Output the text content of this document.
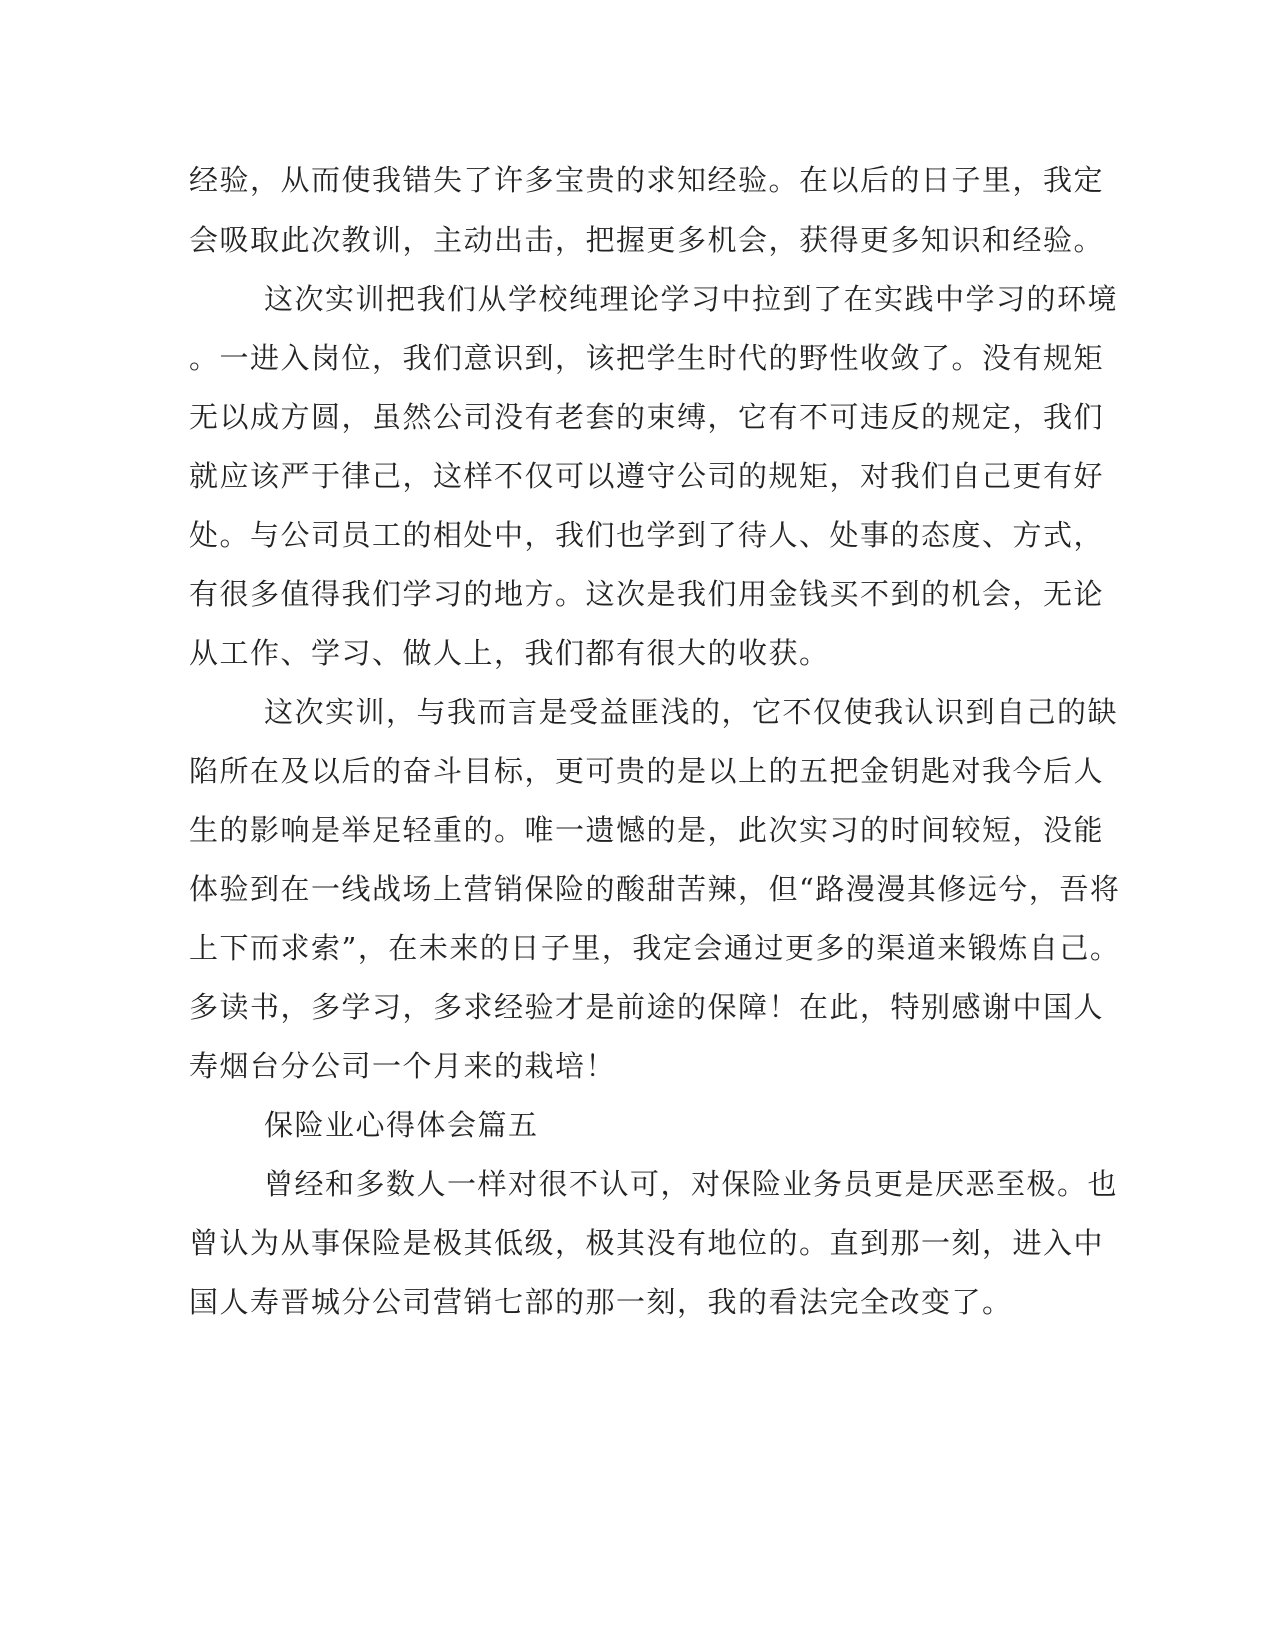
经验，从而使我错失了许多宝贵的求知经验。在以后的日子里，我定
会吸取此次教训，主动出击，把握更多机会，获得更多知识和经验。
这次实训把我们从学校纯理论学习中拉到了在实践中学习的环境
。一进入岗位，我们意识到，该把学生时代的野性收敛了。没有规矩
无以成方圆，虽然公司没有老套的束缚，它有不可违反的规定，我们
就应该严于律己，这样不仅可以遵守公司的规矩，对我们自己更有好
处。与公司员工的相处中，我们也学到了待人、处事的态度、方式，
有很多值得我们学习的地方。这次是我们用金钱买不到的机会，无论
从工作、学习、做人上，我们都有很大的收获。
这次实训，与我而言是受益匪浅的，它不仅使我认识到自己的缺
陷所在及以后的奋斗目标，更可贵的是以上的五把金钥匙对我今后人
生的影响是举足轻重的。唯一遗憾的是，此次实习的时间较短，没能
体验到在一线战场上营销保险的酸甜苦辣，但“路漫漫其修远兮，吾将
上下而求索”，在未来的日子里，我定会通过更多的渠道来锻炼自己。
多读书，多学习，多求经验才是前途的保障！在此，特别感谢中国人
寿烟台分公司一个月来的栽培！
保险业心得体会篇五
曾经和多数人一样对很不认可，对保险业务员更是厌恶至极。也
曾认为从事保险是极其低级，极其没有地位的。直到那一刻，进入中
国人寿晋城分公司营销七部的那一刻，我的看法完全改变了。
